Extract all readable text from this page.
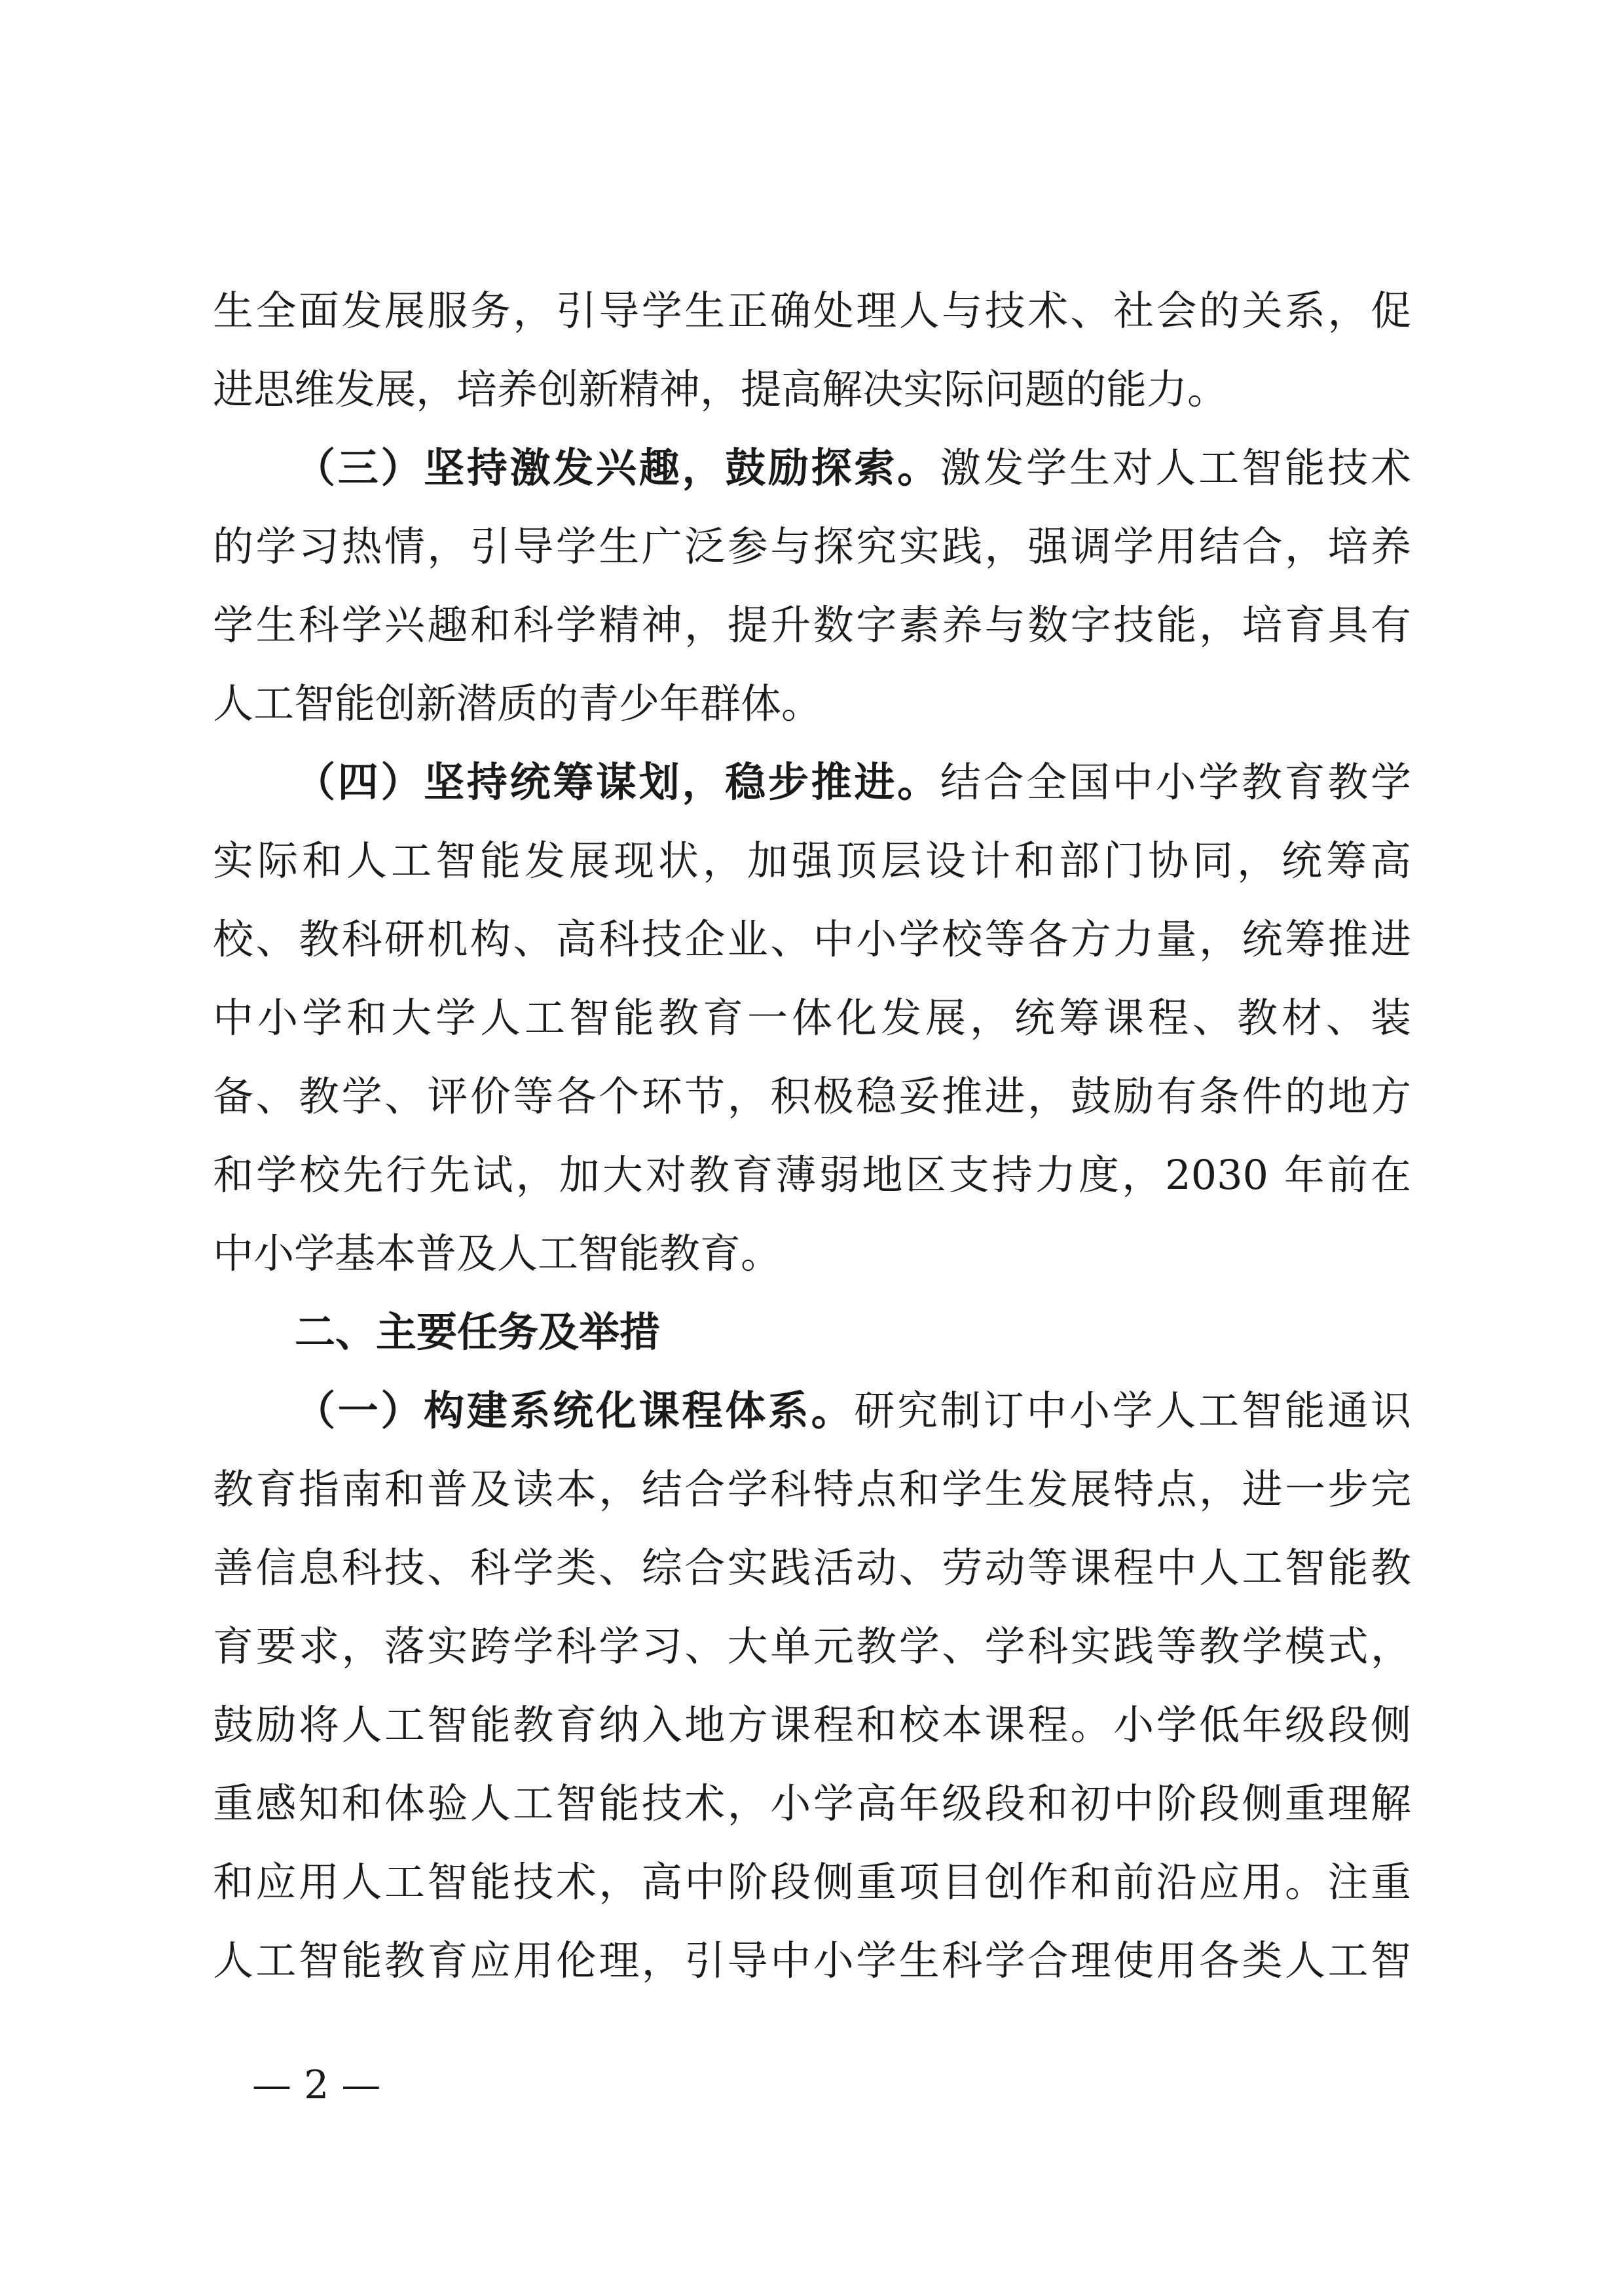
生全面发展服务，引导学生正确处理人与技术、社会的关系，促
进思维发展，培养创新精神，提高解决实际问题的能力。
（三）坚持激发兴趣，鼓励探索。激发学生对人工智能技术
的学习热情，引导学生广泛参与探究实践，强调学用结合，培养
学生科学兴趣和科学精神，提升数字素养与数字技能，培育具有
人工智能创新潜质的青少年群体。
（四）坚持统筹谋划，稳步推进。结合全国中小学教育教学
实际和人工智能发展现状，加强顶层设计和部门协同，统筹高
校、教科研机构、高科技企业、中小学校等各方力量，统筹推进
中小学和大学人工智能教育一体化发展，统筹课程、教材、装
备、教学、评价等各个环节，积极稳妥推进，鼓励有条件的地方
和学校先行先试，加大对教育薄弱地区支持力度，2030 年前在
中小学基本普及人工智能教育。
二、主要任务及举措
（一）构建系统化课程体系。研究制订中小学人工智能通识
教育指南和普及读本，结合学科特点和学生发展特点，进一步完
善信息科技、科学类、综合实践活动、劳动等课程中人工智能教
育要求，落实跨学科学习、大单元教学、学科实践等教学模式，
鼓励将人工智能教育纳入地方课程和校本课程。小学低年级段侧
重感知和体验人工智能技术，小学高年级段和初中阶段侧重理解
和应用人工智能技术，高中阶段侧重项目创作和前沿应用。注重
人工智能教育应用伦理，引导中小学生科学合理使用各类人工智
— 2 —
